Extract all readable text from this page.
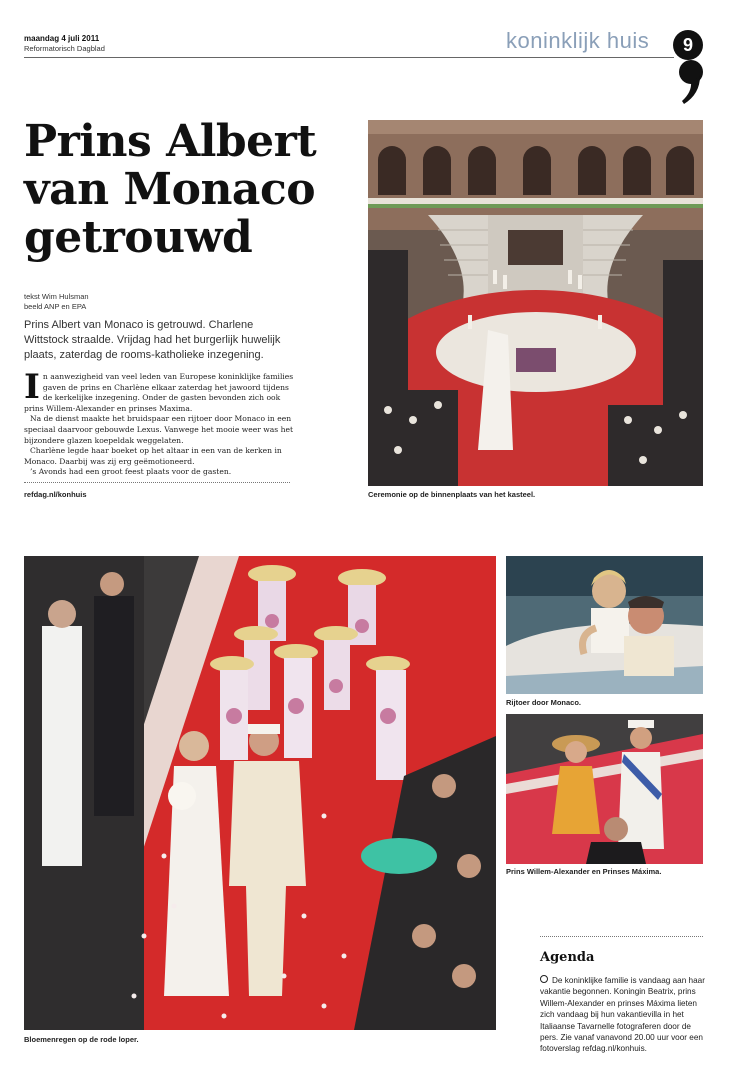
maandag 4 juli 2011
Reformatorisch Dagblad	koninklijk huis	9
Prins Albert
van Monaco
getrouwd
tekst Wim Hulsman
beeld ANP en EPA
Prins Albert van Monaco is getrouwd. Charlene Wittstock straalde. Vrijdag had het burgerlijk huwelijk plaats, zaterdag de rooms-katholieke inzegening.

In aanwezigheid van veel leden van Europese koninklijke families gaven de prins en Charlène elkaar zaterdag het jawoord tijdens de kerkelijke inzegening. Onder de gasten bevonden zich ook prins Willem-Alexander en prinses Maxima.

Na de dienst maakte het bruidspaar een rijtoer door Monaco in een speciaal daarvoor gebouwde Lexus. Vanwege het mooie weer was het bijzondere glazen koepeldak weggelaten.

Charlène legde haar boeket op het altaar in een van de kerken in Monaco. Daarbij was zij erg geëmotioneerd.

’s Avonds had een groot feest plaats voor de gasten.

refdag.nl/konhuis	Ceremonie op de binnenplaats van het kasteel.
Bloemenregen op de rode loper.
Rijtoer door Monaco.
Prins Willem-Alexander en Prinses Máxima.
Agenda
De koninklijke familie is vandaag aan haar vakantie begonnen. Koningin Beatrix, prins Willem-Alexander en prinses Máxima lieten zich vandaag bij hun vakantievilla in het Italiaanse Tavarnelle fotograferen door de pers. Zie vanaf vanavond 20.00 uur voor een fotoverslag refdag.nl/konhuis.
